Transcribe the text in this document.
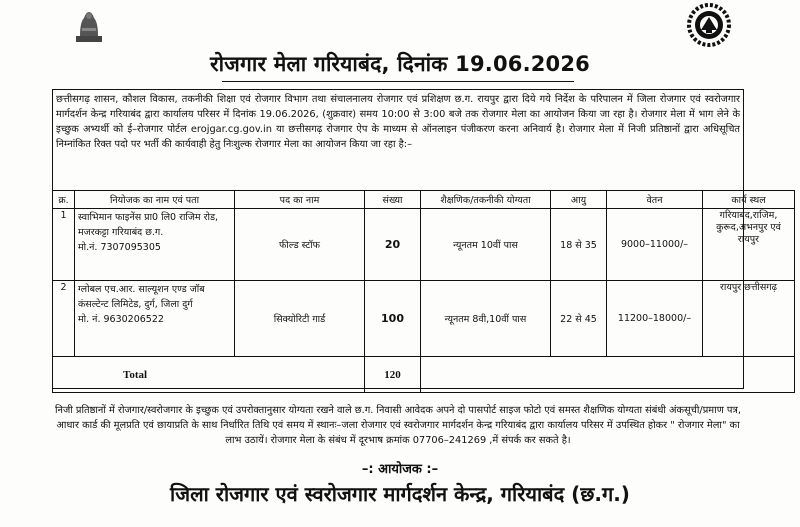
रोजगार मेला गरियाबंद, दिनांक 19.06.2026
छत्तीसगढ़ शासन, कौशल विकास, तकनीकी शिक्षा एवं रोजगार विभाग तथा संचालनालय रोजगार एवं प्रशिक्षण छ.ग. रायपुर द्वारा दिये गये निर्देश के परिपालन में जिला रोजगार एवं स्वरोजगार मार्गदर्शन केन्द्र गरियाबंद द्वारा कार्यालय परिसर में दिनांक 19.06.2026, (शुक्रवार) समय 10:00 से 3:00 बजे तक रोजगार मेला का आयोजन किया जा रहा है। रोजगार मेला में भाग लेने के इच्छुक अभ्यर्थी को ई–रोजगार पोर्टल erojgar.cg.gov.in या छत्तीसगढ़ रोजगार ऐप के माध्यम से ऑनलाइन पंजीकरण करना अनिवार्य है। रोजगार मेला में निजी प्रतिष्ठानों द्वारा अधिसूचित निम्नांकित रिक्त पदो पर भर्ती की कार्यवाही हेतु निःशुल्क रोजगार मेला का आयोजन किया जा रहा है:–
क्र.	नियोजक का नाम एवं पता	पद का नाम	संख्या	शैक्षणिक/तकनीकी योग्यता	आयु	वेतन	कार्य स्थल
1	स्वाभिमान फाइनेंस प्रा0 लि0 राजिम रोड, मजरकट्टा गरियाबंद छ.ग.
मो.नं. 7307095305	फील्ड स्टॉफ	20	न्यूनतम 10वीं पास	18 से 35	9000–11000/–	गरियाबंद,राजिम, कुरूद,अभनपुर एवं रायपुर
2	ग्लोबल एच.आर. साल्यूशन एण्ड जॉब कंसल्टेन्ट लिमिटेड, दुर्ग, जिला दुर्ग
मो. नं. 9630206522	सिक्योरिटी गार्ड	100	न्यूनतम 8वी,10वीं पास	22 से 45	11200–18000/–	रायपुर छत्तीसगढ़
Total			120				
निजी प्रतिष्ठानों में रोजगार/स्वरोजगार के इच्छुक एवं उपरोक्तानुसार योग्यता रखने वाले छ.ग. निवासी आवेदक अपने दो पासपोर्ट साइज फोटो एवं समस्त शैक्षणिक योग्यता संबंधी अंकसूची/प्रमाण पत्र, आधार कार्ड की मूलप्रति एवं छायाप्रति के साथ निर्धारित तिथि एवं समय में स्थानः–जला रोजगार एवं स्वरोजगार मार्गदर्शन केन्द्र गरियाबंद द्वारा कार्यालय परिसर में उपस्थित होकर " रोजगार मेला" का लाभ उठायें। रोजगार मेला के संबंध में दूरभाष क्रमांक 07706–241269 ,में संपर्क कर सकते है।
–: आयोजक :–
जिला रोजगार एवं स्वरोजगार मार्गदर्शन केन्द्र, गरियाबंद (छ.ग.)
